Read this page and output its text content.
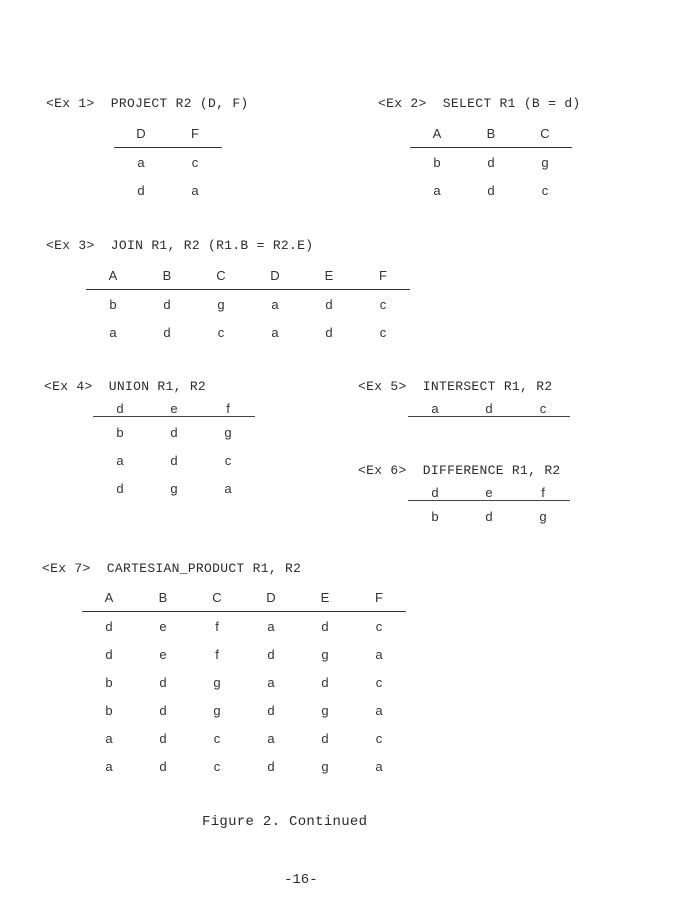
<Ex 1>  PROJECT R2 (D, F)
D	F
a	c
d	a
<Ex 2>  SELECT R1 (B = d)
A	B	C
b	d	g
a	d	c
<Ex 3>  JOIN R1, R2 (R1.B = R2.E)
A	B	C	D	E	F
b	d	g	a	d	c
a	d	c	a	d	c
<Ex 4>  UNION R1, R2
d	e	f
b	d	g
a	d	c
d	g	a
<Ex 5>  INTERSECT R1, R2
a	d	c
<Ex 6>  DIFFERENCE R1, R2
d	e	f
b	d	g
<Ex 7>  CARTESIAN_PRODUCT R1, R2
A	B	C	D	E	F
d	e	f	a	d	c
d	e	f	d	g	a
b	d	g	a	d	c
b	d	g	d	g	a
a	d	c	a	d	c
a	d	c	d	g	a
Figure 2. Continued
-16-
